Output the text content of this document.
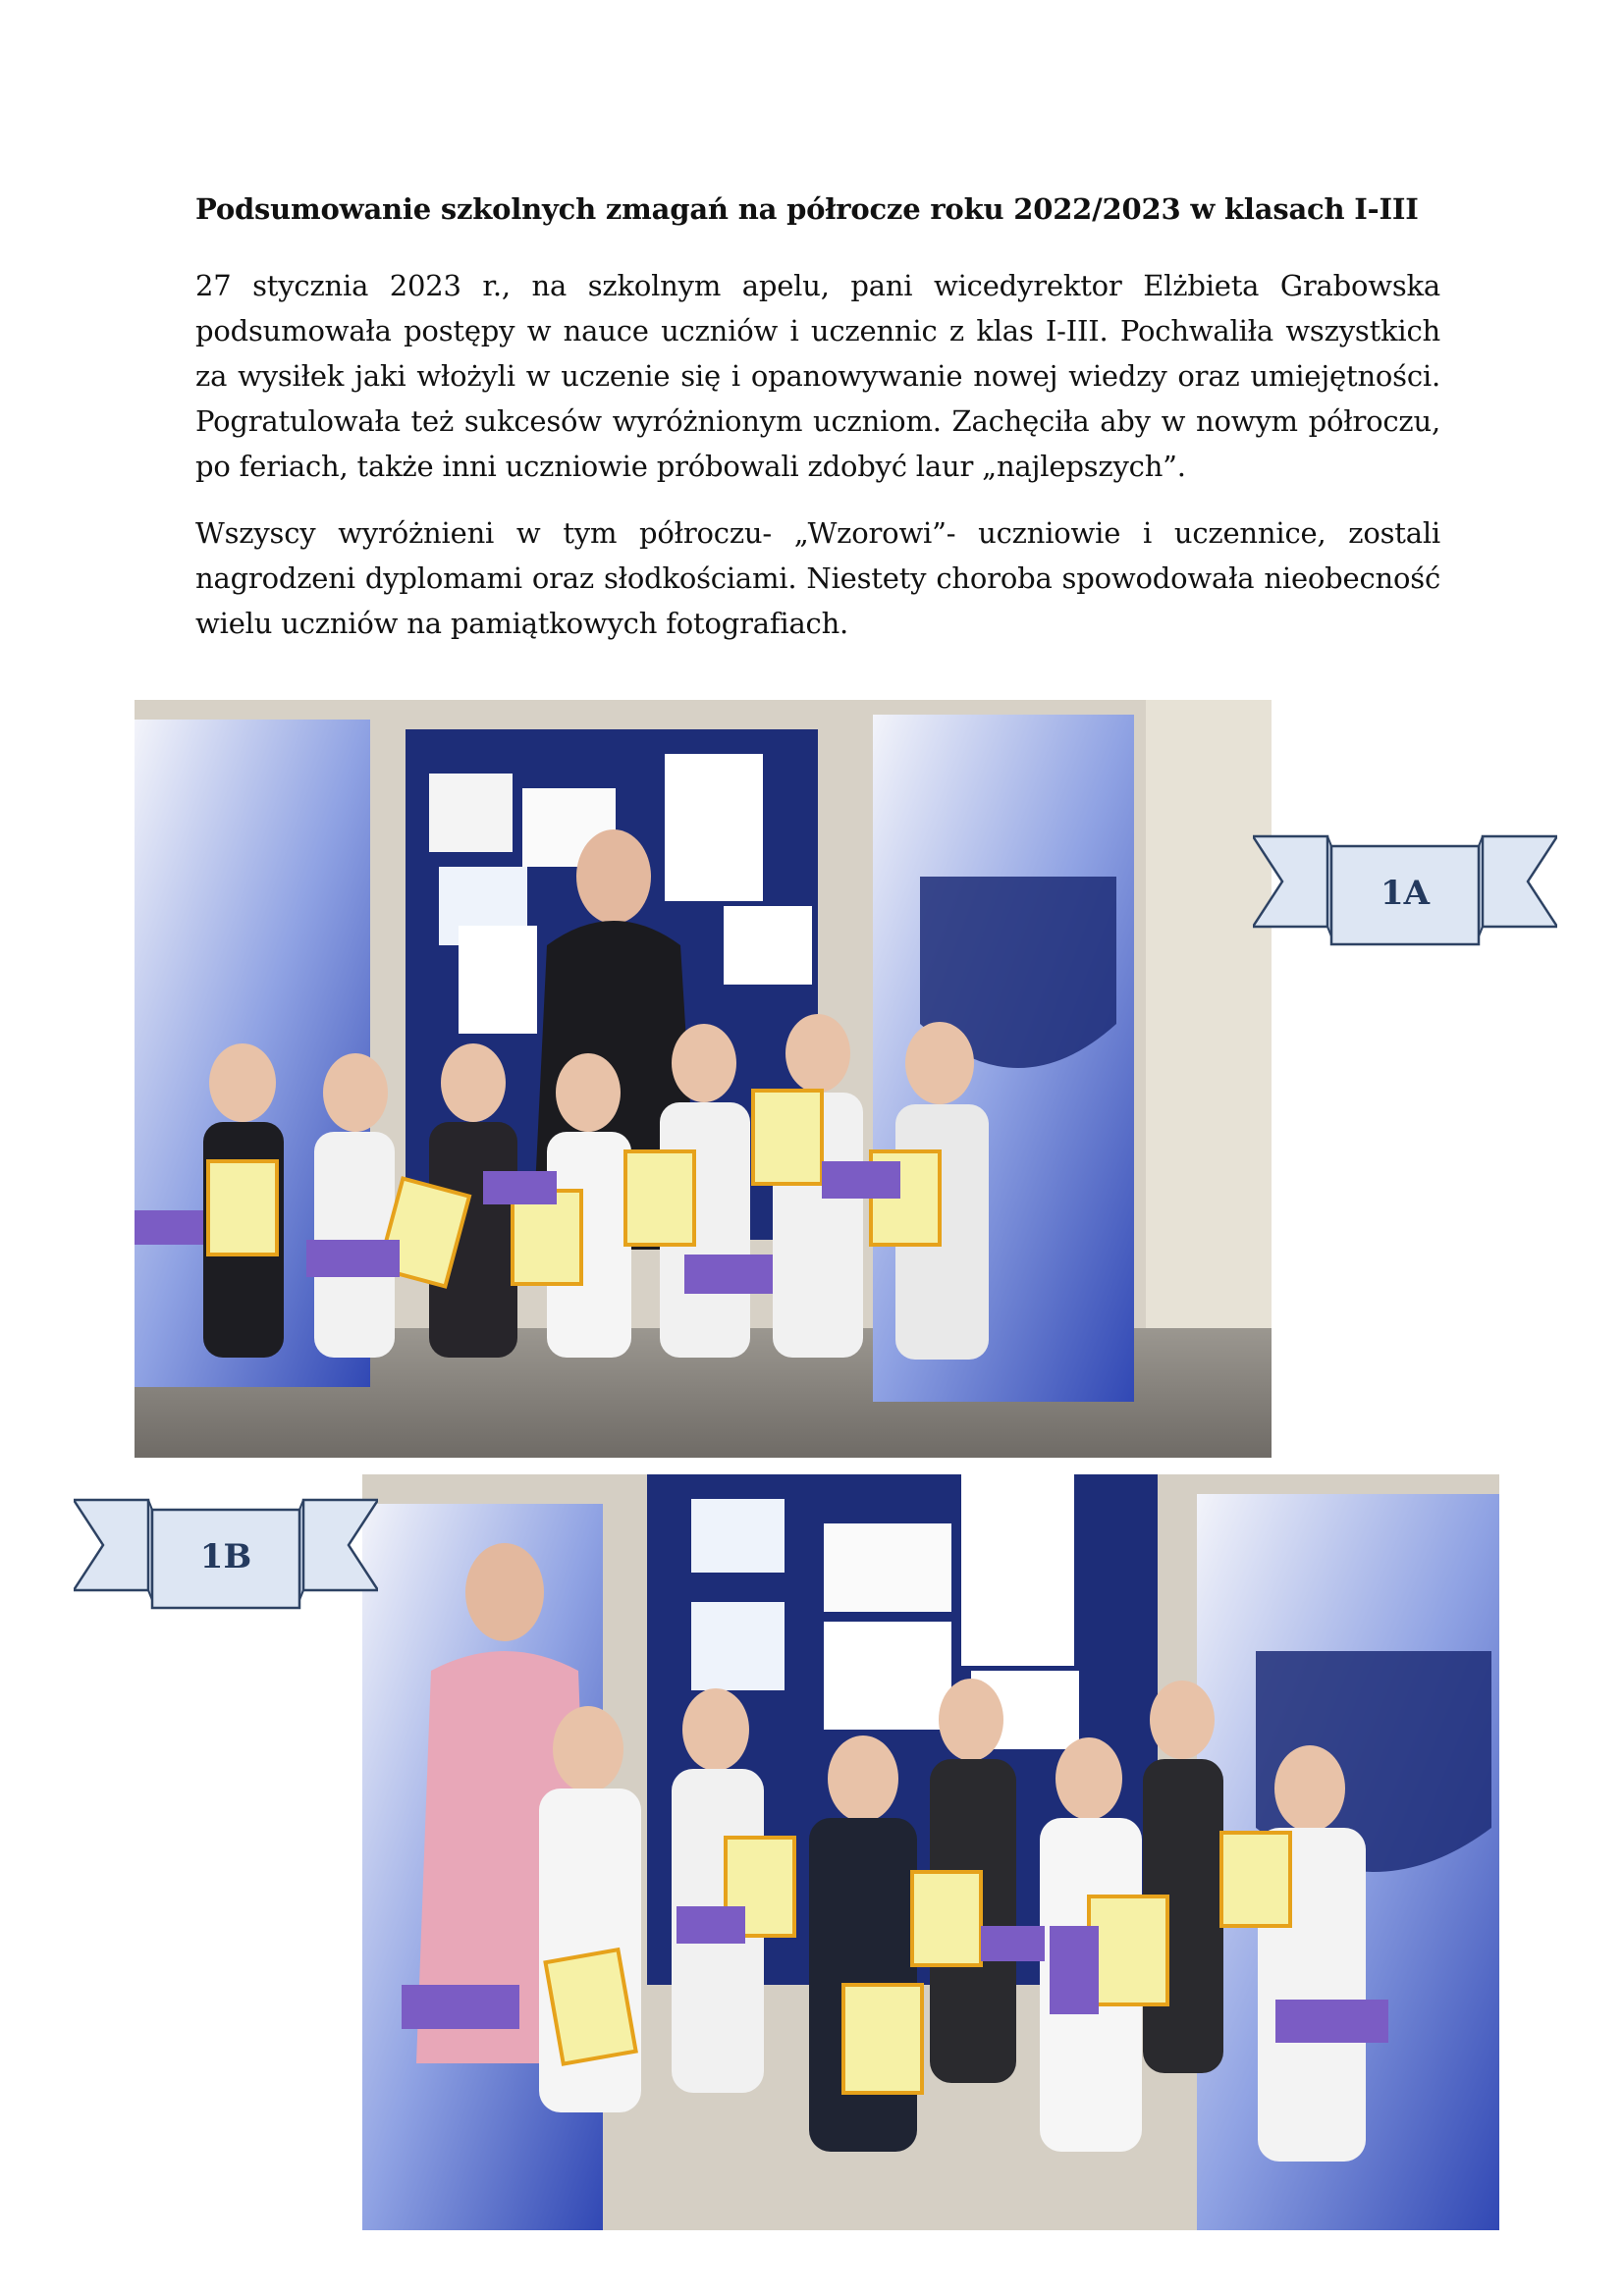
Podsumowanie szkolnych zmagań na półrocze roku 2022/2023 w klasach I-III

27 stycznia 2023 r., na szkolnym apelu, pani wicedyrektor Elżbieta Grabowska podsumowała postępy w nauce uczniów i uczennic z klas I-III. Pochwaliła wszystkich za wysiłek jaki włożyli w uczenie się i opanowywanie nowej wiedzy oraz umiejętności. Pogratulowała też sukcesów wyróżnionym uczniom. Zachęciła aby w nowym półroczu, po feriach, także inni uczniowie próbowali zdobyć laur „najlepszych”.

Wszyscy wyróżnieni w tym półroczu- „Wzorowi”- uczniowie i uczennice, zostali nagrodzeni dyplomami oraz słodkościami. Niestety choroba spowodowała nieobecność wielu uczniów na pamiątkowych fotografiach.

1A
1B
